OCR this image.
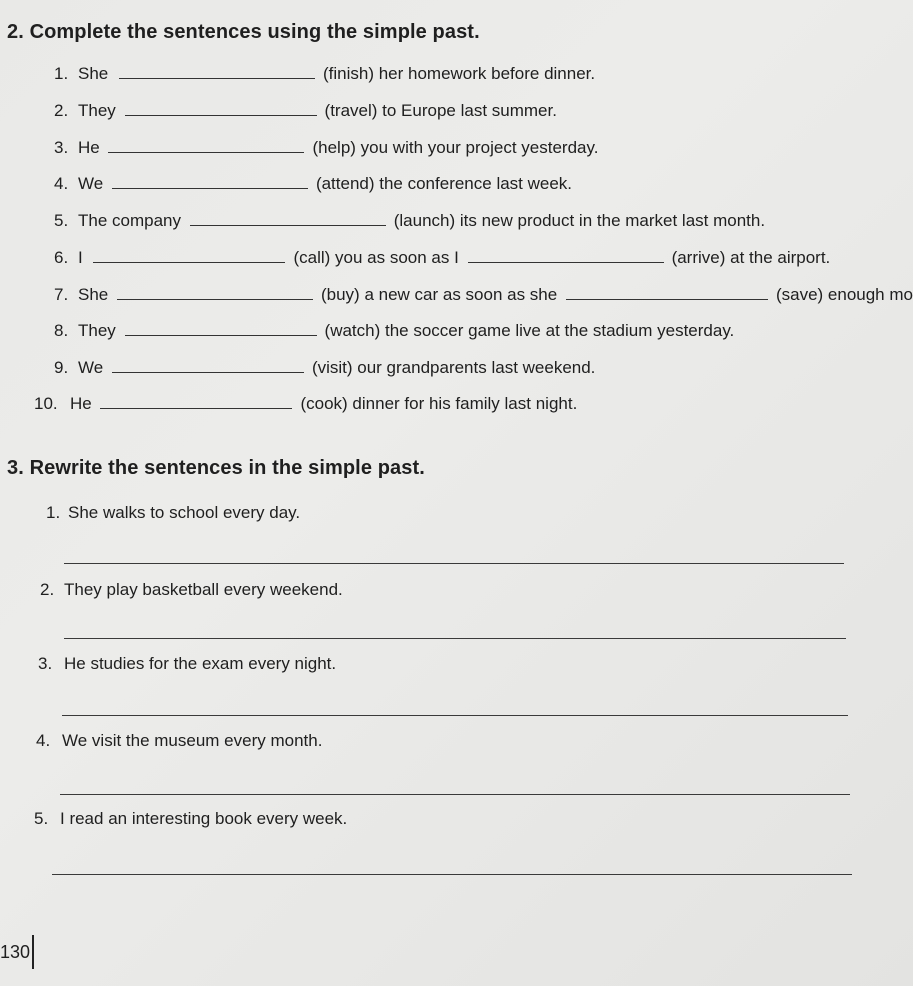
2. Complete the sentences using the simple past.
1. She	(finish) her homework before dinner.
2. They	(travel) to Europe last summer.
3. He	(help) you with your project yesterday.
4. We	(attend) the conference last week.
5. The company	(launch) its new product in the market last month.
6. I	(call) you as soon as I	(arrive) at the airport.
7. She	(buy) a new car as soon as she	(save) enough mo
8. They	(watch) the soccer game live at the stadium yesterday.
9. We	(visit) our grandparents last weekend.
10. He	(cook) dinner for his family last night.
3. Rewrite the sentences in the simple past.
1. She walks to school every day.
2. They play basketball every weekend.
3. He studies for the exam every night.
4. We visit the museum every month.
5. I read an interesting book every week.
130
